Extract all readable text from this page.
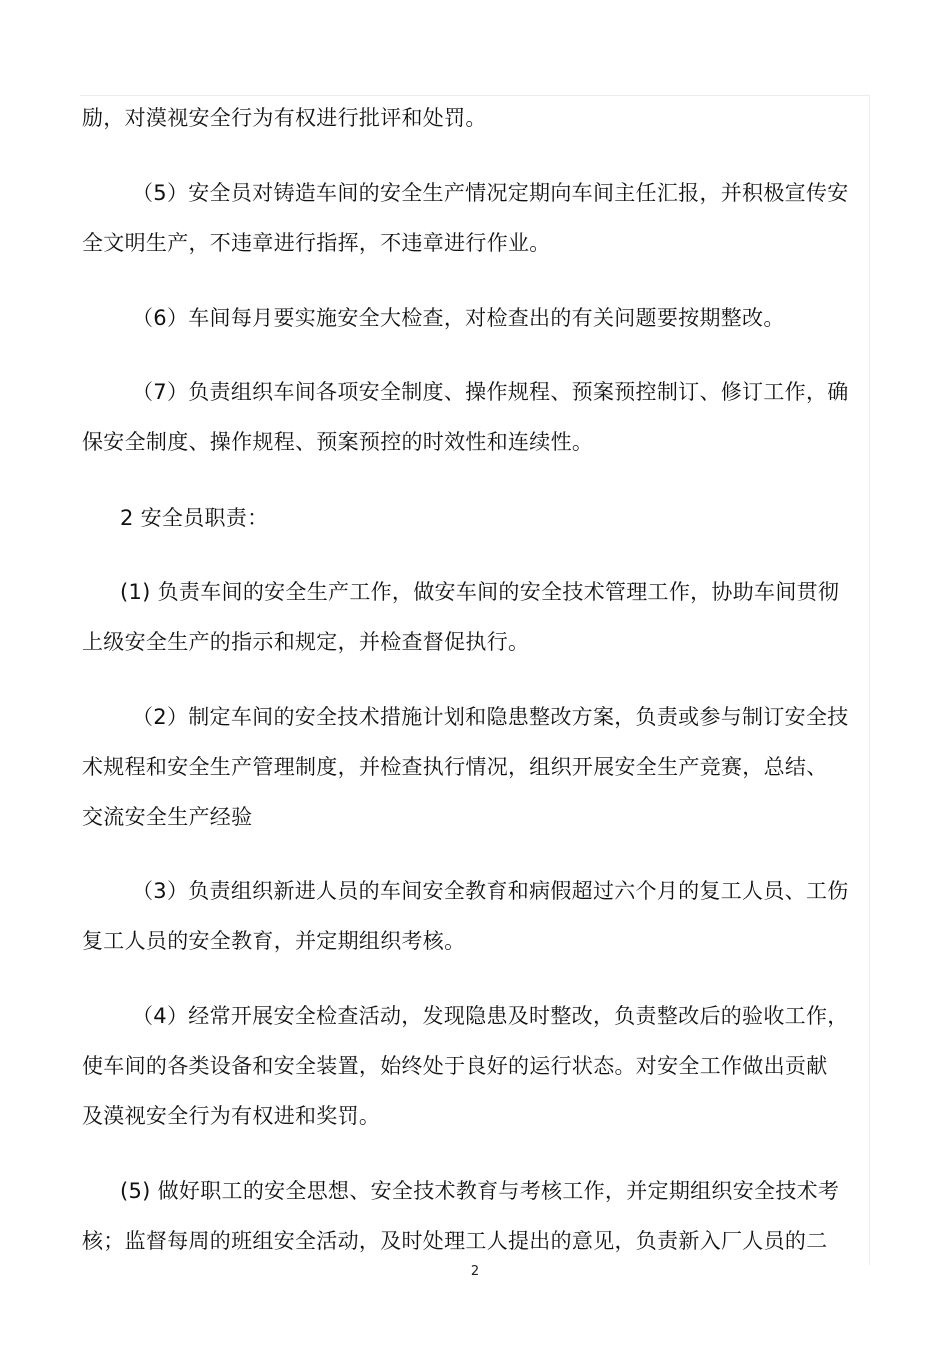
励，对漠视安全行为有权进行批评和处罚。
（5）安全员对铸造车间的安全生产情况定期向车间主任汇报，并积极宣传安
全文明生产，不违章进行指挥，不违章进行作业。
（6）车间每月要实施安全大检查，对检查出的有关问题要按期整改。
（7）负责组织车间各项安全制度、操作规程、预案预控制订、修订工作，确
保安全制度、操作规程、预案预控的时效性和连续性。
2 安全员职责：
(1) 负责车间的安全生产工作，做安车间的安全技术管理工作，协助车间贯彻
上级安全生产的指示和规定，并检查督促执行。
（2）制定车间的安全技术措施计划和隐患整改方案，负责或参与制订安全技
术规程和安全生产管理制度，并检查执行情况，组织开展安全生产竞赛，总结、
交流安全生产经验
（3）负责组织新进人员的车间安全教育和病假超过六个月的复工人员、工伤
复工人员的安全教育，并定期组织考核。
（4）经常开展安全检查活动，发现隐患及时整改，负责整改后的验收工作，
使车间的各类设备和安全装置，始终处于良好的运行状态。对安全工作做出贡献
及漠视安全行为有权进和奖罚。
(5) 做好职工的安全思想、安全技术教育与考核工作，并定期组织安全技术考
核；监督每周的班组安全活动，及时处理工人提出的意见，负责新入厂人员的二
2
